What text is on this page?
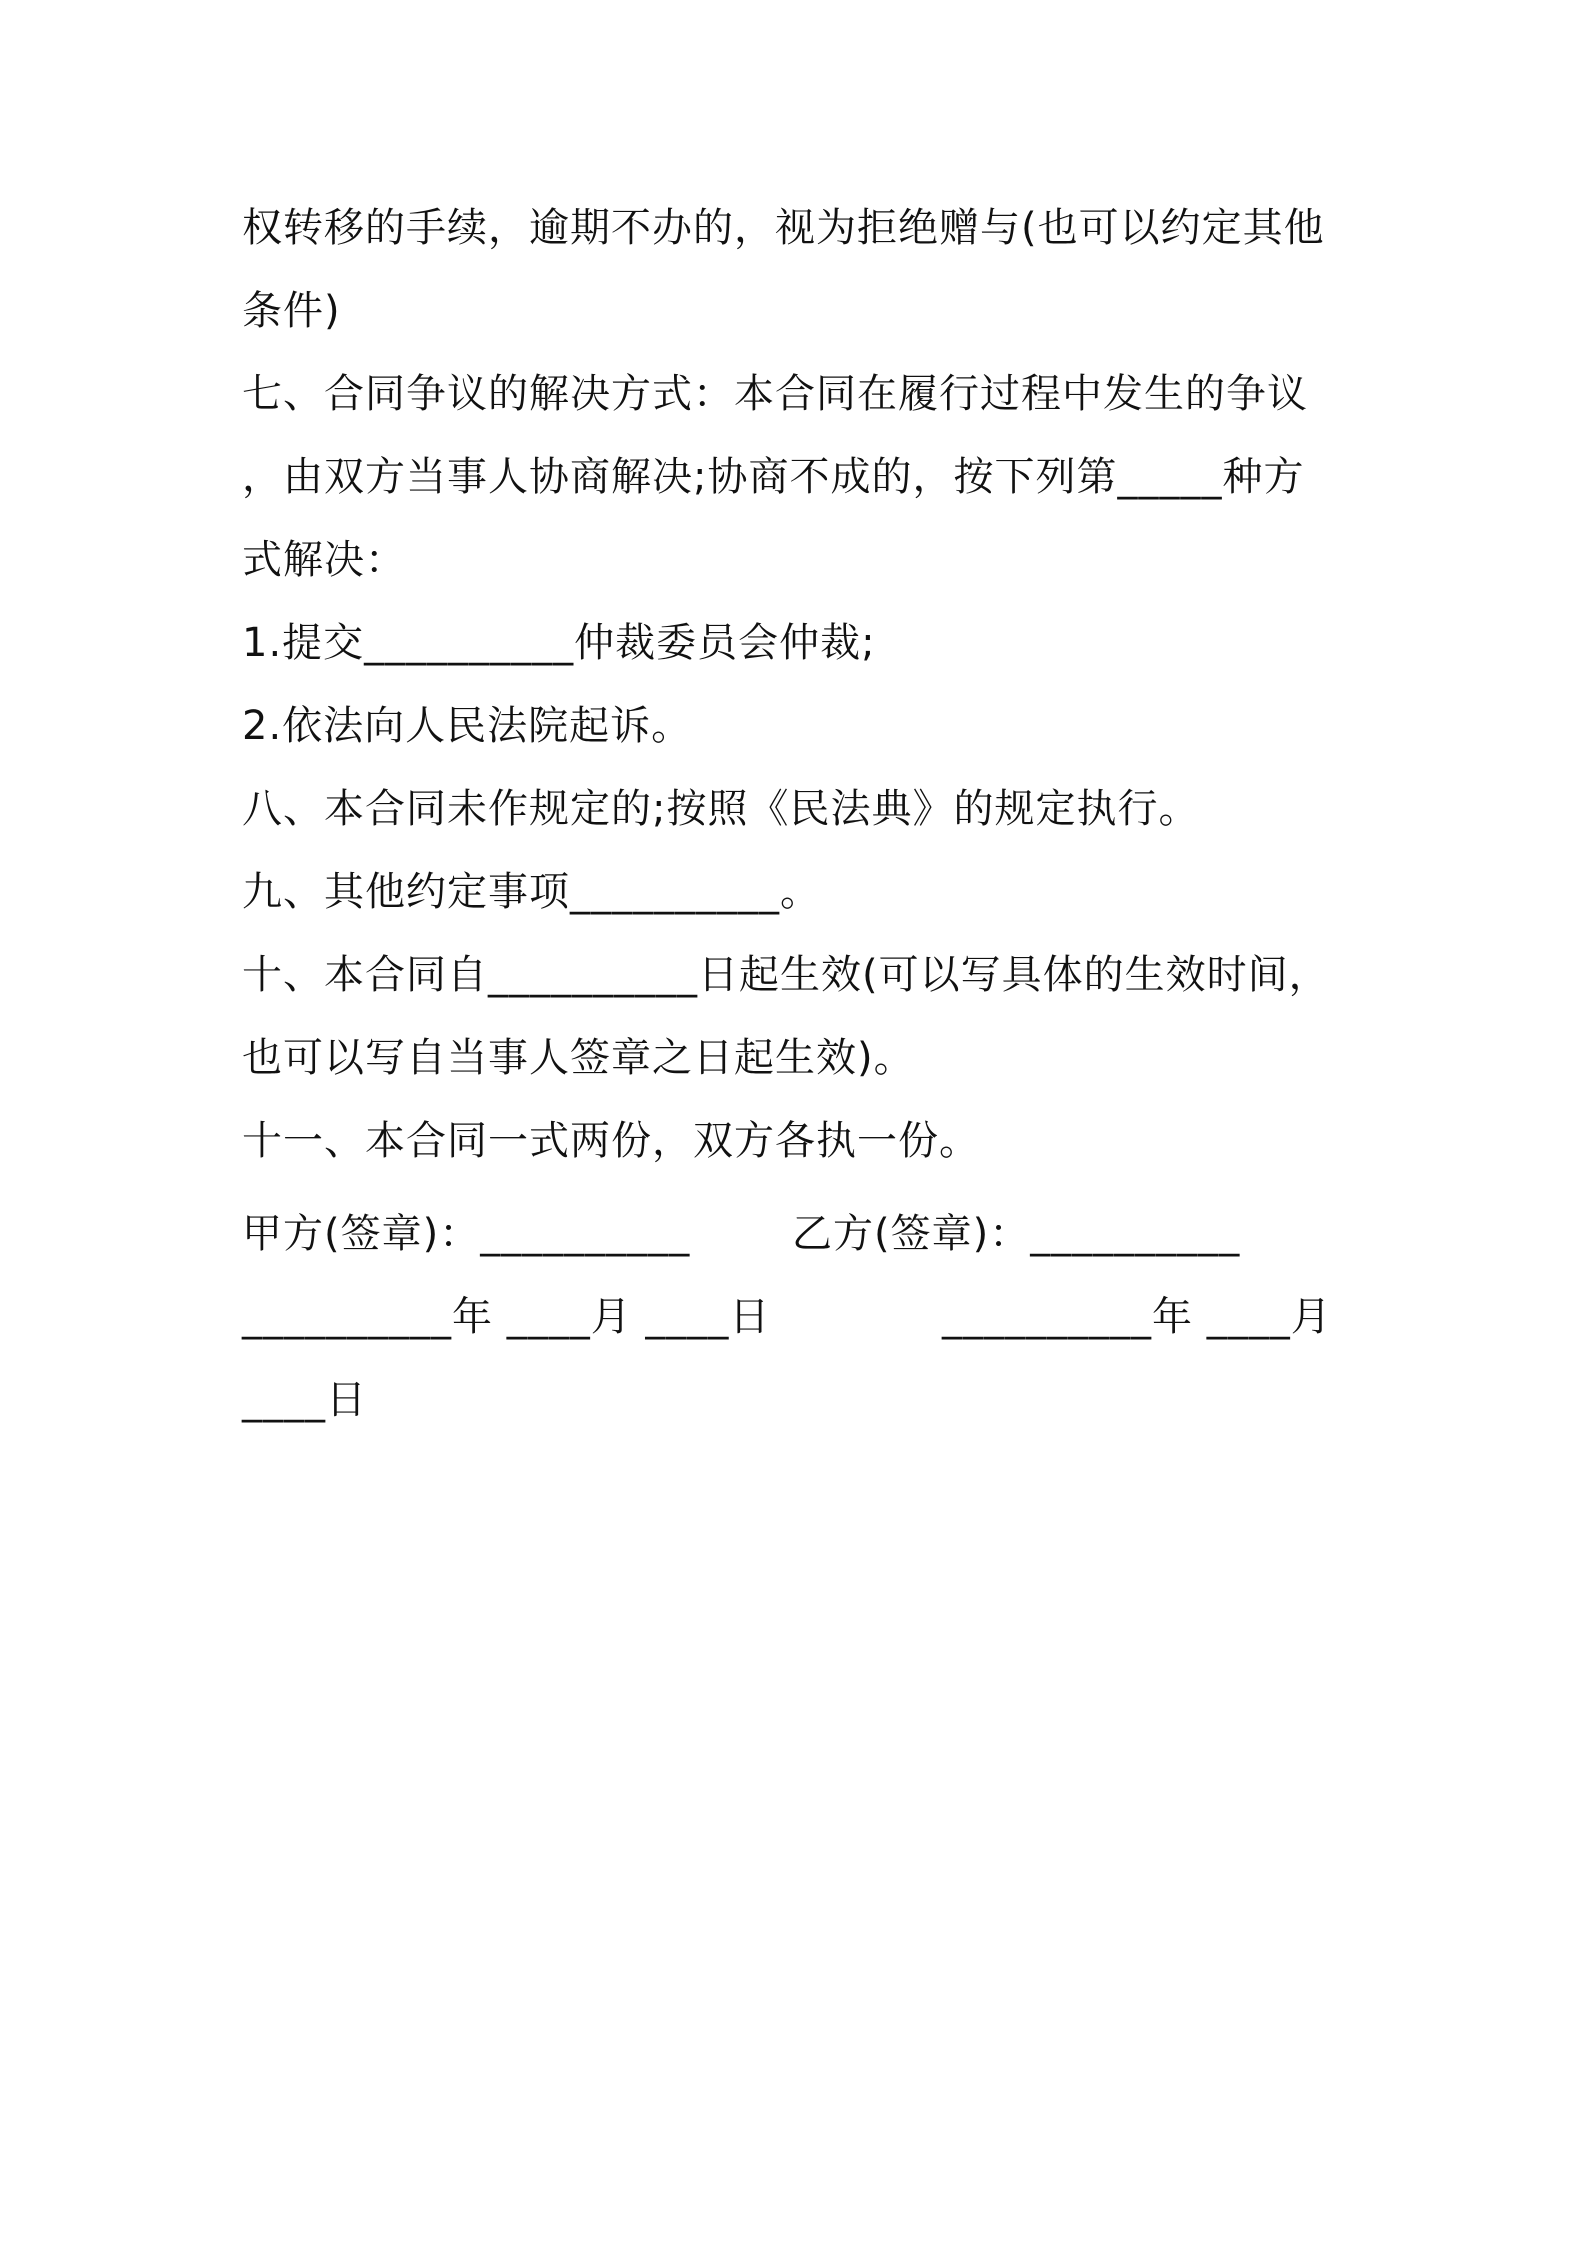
权转移的手续，逾期不办的，视为拒绝赠与(也可以约定其他
条件)
七、合同争议的解决方式：本合同在履行过程中发生的争议
，由双方当事人协商解决;协商不成的，按下列第_____种方
式解决：
1.提交__________仲裁委员会仲裁;
2.依法向人民法院起诉。
八、本合同未作规定的;按照《民法典》的规定执行。
九、其他约定事项__________。
十、本合同自__________日起生效(可以写具体的生效时间，
也可以写自当事人签章之日起生效)。
十一、本合同一式两份，双方各执一份。
甲方(签章)：__________	乙方(签章)：__________
__________年 ____月 ____日	__________年 ____月
____日
